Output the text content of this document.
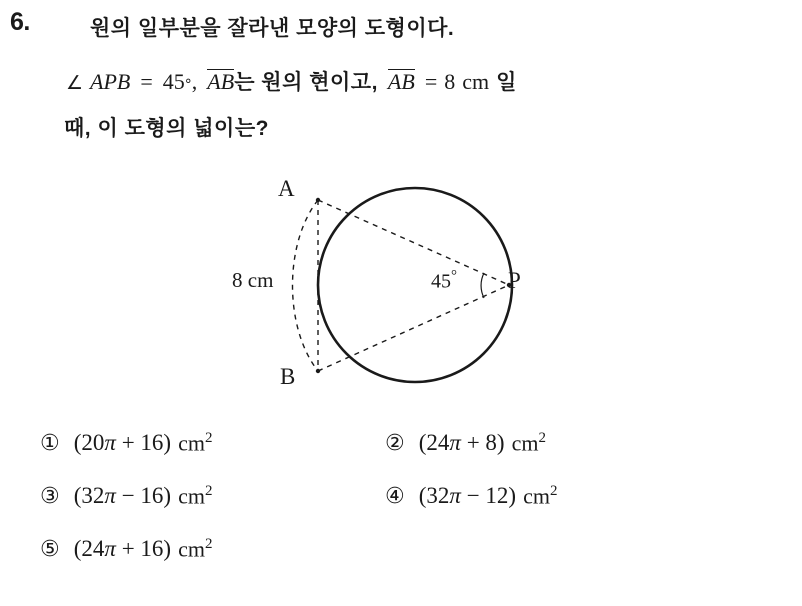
6.	원의 일부분을 잘라낸 모양의 도형이다.
∠ APB = 45 ° , AB 는 원의 현이고, AB = 8 cm 일
때, 이 도형의 넓이는?
A
B
P
8 cm	45°
① (20π + 16) $cm^2$	② (24π + 8) $cm^2$
③ (32π − 16) $cm^2$	④ (32π − 12) $cm^2$
⑤ (24π + 16) $cm^2$
